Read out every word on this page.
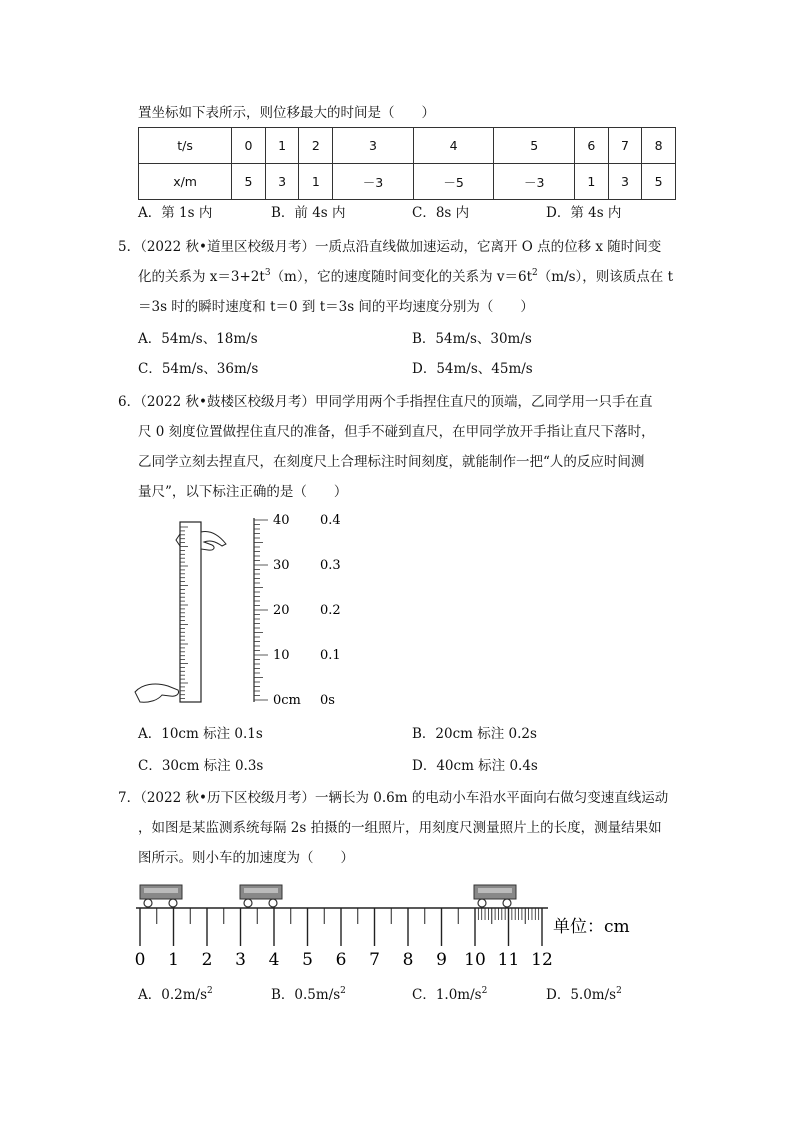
置坐标如下表所示，则位移最大的时间是（　　）
t/s	0	1	2	3	4	5	6	7	8
x/m	5	3	1	－3	－5	－3	1	3	5
A．第 1s 内	B．前 4s 内	C．8s 内	D．第 4s 内
5．（2022 秋•道里区校级月考）一质点沿直线做加速运动，它离开 O 点的位移 x 随时间变
化的关系为 $x=3+2t^3(m)$，它的速度随时间变化的关系为 $v=6t^2(m/s)$，则该质点在 t
＝3s 时的瞬时速度和 t＝0 到 t＝3s 间的平均速度分别为（　　）
A．54m/s、18m/s	B．54m/s、30m/s
C．54m/s、36m/s	D．54m/s、45m/s
6．（2022 秋•鼓楼区校级月考）甲同学用两个手指捏住直尺的顶端，乙同学用一只手在直
尺 0 刻度位置做捏住直尺的准备，但手不碰到直尺，在甲同学放开手指让直尺下落时，
乙同学立刻去捏直尺，在刻度尺上合理标注时间刻度，就能制作一把“人的反应时间测
量尺”，以下标注正确的是（　　）
40
30
20
10
0cm
0.4
0.3
0.2
0.1
0s
A．10cm 标注 0.1s	B．20cm 标注 0.2s
C．30cm 标注 0.3s	D．40cm 标注 0.4s
7．（2022 秋•历下区校级月考）一辆长为 0.6m 的电动小车沿水平面向右做匀变速直线运动
，如图是某监测系统每隔 2s 拍摄的一组照片，用刻度尺测量照片上的长度，测量结果如
图所示。则小车的加速度为（　　）
单位：cm
0 1 2 3 4 5 6 7 8 9 10 11 12
A．$0.2m/s^2$	B．$0.5m/s^2$	C．$1.0m/s^2$	D．$5.0m/s^2$
